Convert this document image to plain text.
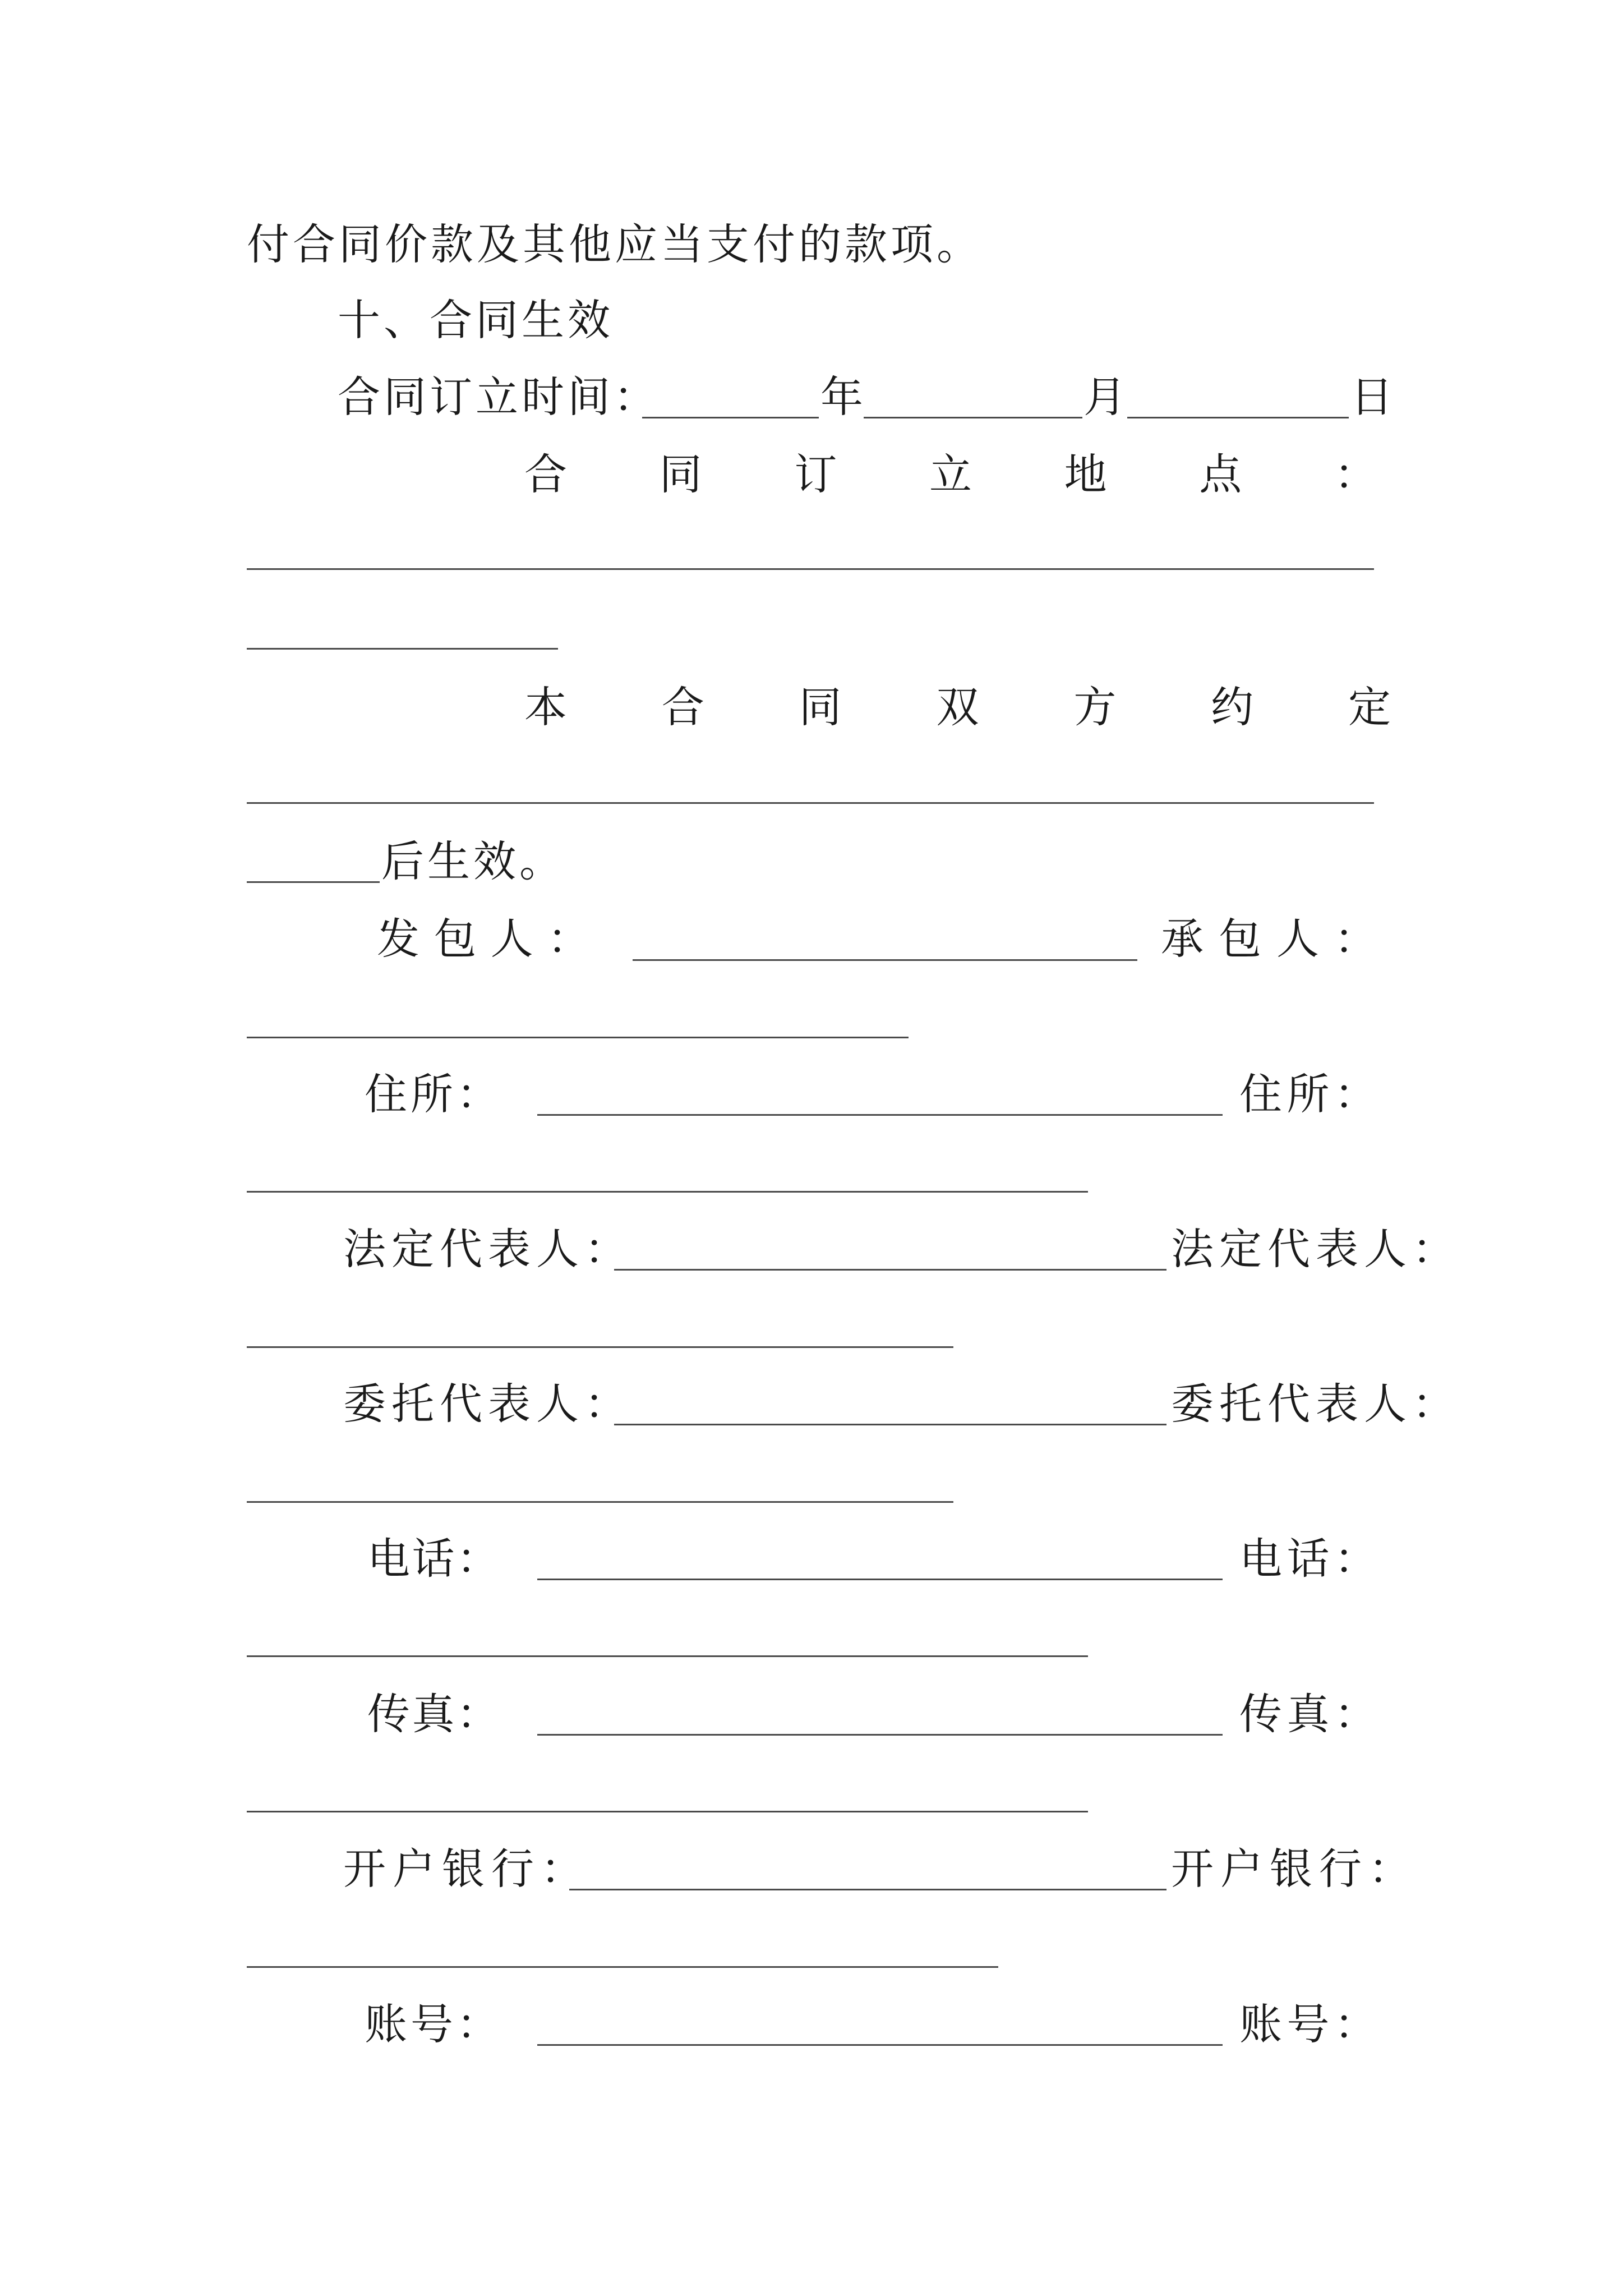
付合同价款及其他应当支付的款项。
十、合同生效
合同订立时间：	年	月	日
合 同 订 立 地 点 ：
本 合 同 双 方 约 定
后生效。
发 包 人 ：	承 包 人 ：
住 所 ：	住 所 ：
法定代表人：	法定代表人：
委托代表人：	委托代表人：
电 话 ：	电 话 ：
传 真 ：	传 真 ：
开户银行：	开户银行：
账 号 ：	账 号 ：
